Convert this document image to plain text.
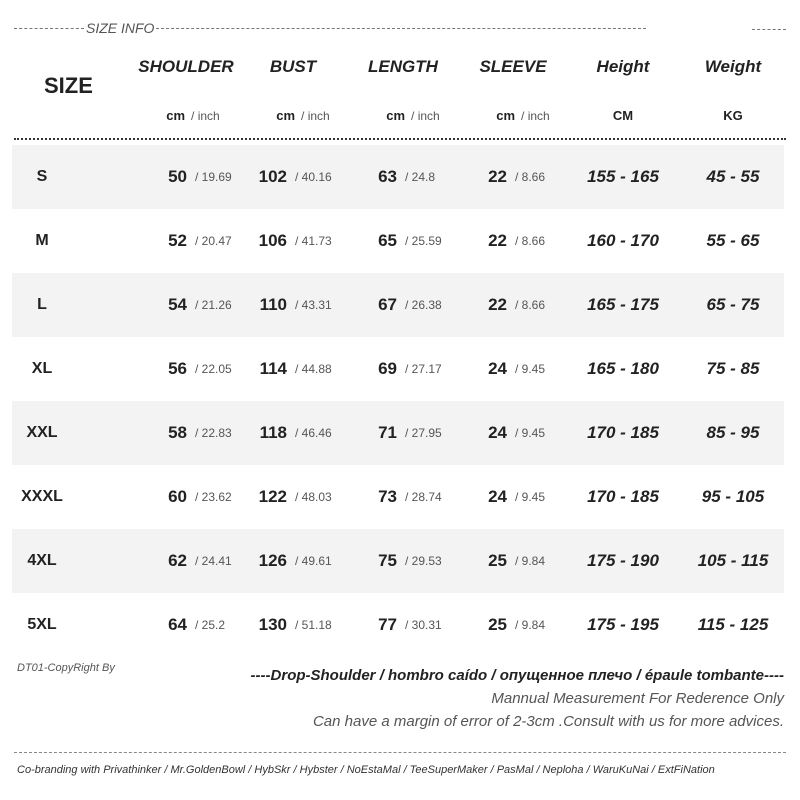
SIZE INFO
SIZE
SHOULDER	BUST	LENGTH	SLEEVE	Height	Weight
cm / inch	cm / inch	cm / inch	cm / inch	CM	KG
S	50 / 19.69	102 / 40.16	63 / 24.8	22 / 8.66	155 - 165	45 - 55
M	52 / 20.47	106 / 41.73	65 / 25.59	22 / 8.66	160 - 170	55 - 65
L	54 / 21.26	110 / 43.31	67 / 26.38	22 / 8.66	165 - 175	65 - 75
XL	56 / 22.05	114 / 44.88	69 / 27.17	24 / 9.45	165 - 180	75 - 85
XXL	58 / 22.83	118 / 46.46	71 / 27.95	24 / 9.45	170 - 185	85 - 95
XXXL	60 / 23.62	122 / 48.03	73 / 28.74	24 / 9.45	170 - 185	95 - 105
4XL	62 / 24.41	126 / 49.61	75 / 29.53	25 / 9.84	175 - 190	105 - 115
5XL	64 / 25.2	130 / 51.18	77 / 30.31	25 / 9.84	175 - 195	115 - 125
DT01-CopyRight By	----Drop-Shoulder / hombro caído / опущенное плечо / épaule tombante----
Mannual Measurement For Rederence Only
Can have a margin of error of 2-3cm .Consult with us for more advices.
Co-branding with Privathinker / Mr.GoldenBowl / HybSkr / Hybster / NoEstaMal / TeeSuperMaker / PasMal / Neploha / WaruKuNai / ExtFiNation
